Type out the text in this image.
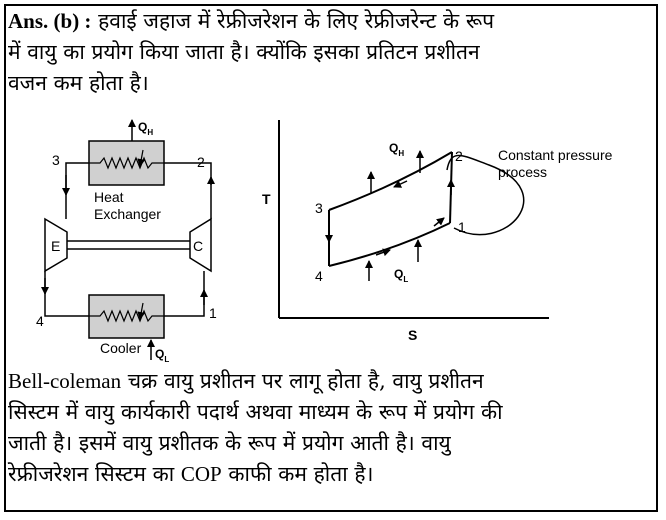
Ans. (b) : हवाई जहाज में रेफ्रीजरेशन के लिए रेफ्रीजरेन्ट के रूप
में वायु का प्रयोग किया जाता है। क्योंकि इसका प्रतिटन प्रशीतन
वजन कम होता है।
Heat
Exchanger
$Q_H$
E	C
3	2
4
Cooler $Q_L$
1
T
S
$Q_H$
$Q_L$
2
1
3
4
Constant pressure
process
Bell-coleman चक्र वायु प्रशीतन पर लागू होता है, वायु प्रशीतन
सिस्टम में वायु कार्यकारी पदार्थ अथवा माध्यम के रूप में प्रयोग की
जाती है। इसमें वायु प्रशीतक के रूप में प्रयोग आती है। वायु
रेफ्रीजरेशन सिस्टम का COP काफी कम होता है।
